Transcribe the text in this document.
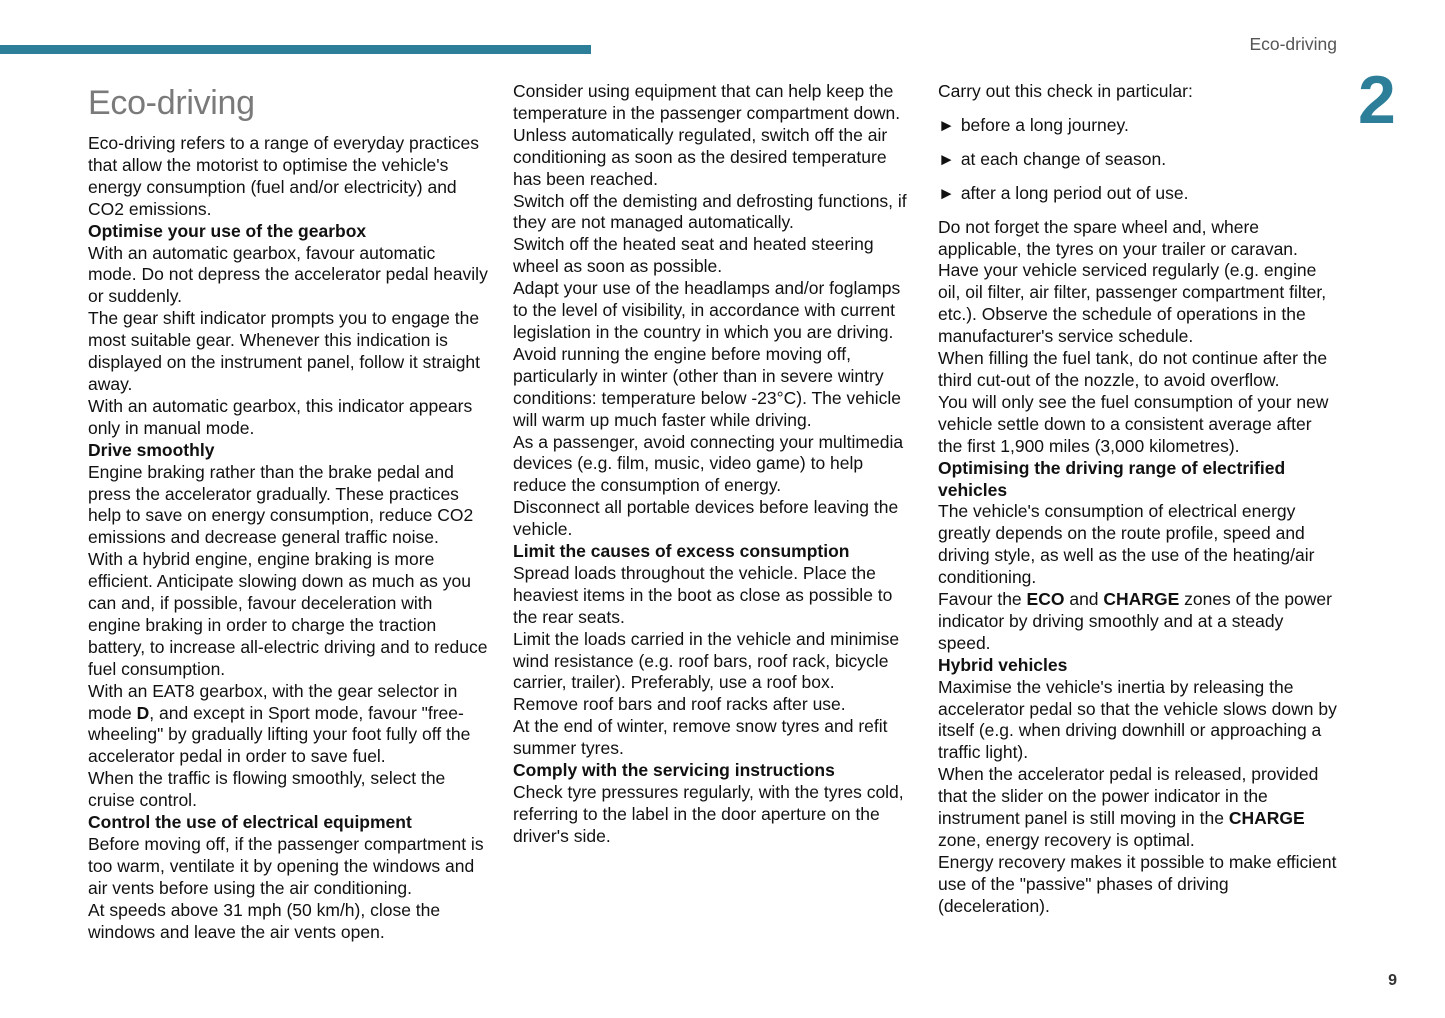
Eco-driving
2
Eco-driving

Eco-driving refers to a range of everyday practices that allow the motorist to optimise the vehicle's energy consumption (fuel and/or electricity) and CO2 emissions.

Optimise your use of the gearbox

With an automatic gearbox, favour automatic mode. Do not depress the accelerator pedal heavily or suddenly.

The gear shift indicator prompts you to engage the most suitable gear. Whenever this indication is displayed on the instrument panel, follow it straight away.

With an automatic gearbox, this indicator appears only in manual mode.

Drive smoothly

Engine braking rather than the brake pedal and press the accelerator gradually. These practices help to save on energy consumption, reduce CO2 emissions and decrease general traffic noise.

With a hybrid engine, engine braking is more efficient. Anticipate slowing down as much as you can and, if possible, favour deceleration with engine braking in order to charge the traction battery, to increase all-electric driving and to reduce fuel consumption.

With an EAT8 gearbox, with the gear selector in mode D, and except in Sport mode, favour "free-wheeling" by gradually lifting your foot fully off the accelerator pedal in order to save fuel.

When the traffic is flowing smoothly, select the cruise control.

Control the use of electrical equipment

Before moving off, if the passenger compartment is too warm, ventilate it by opening the windows and air vents before using the air conditioning.

At speeds above 31 mph (50 km/h), close the windows and leave the air vents open.

Consider using equipment that can help keep the temperature in the passenger compartment down.

Unless automatically regulated, switch off the air conditioning as soon as the desired temperature has been reached.

Switch off the demisting and defrosting functions, if they are not managed automatically.

Switch off the heated seat and heated steering wheel as soon as possible.

Adapt your use of the headlamps and/or foglamps to the level of visibility, in accordance with current legislation in the country in which you are driving.

Avoid running the engine before moving off, particularly in winter (other than in severe wintry conditions: temperature below -23°C). The vehicle will warm up much faster while driving.

As a passenger, avoid connecting your multimedia devices (e.g. film, music, video game) to help reduce the consumption of energy.

Disconnect all portable devices before leaving the vehicle.

Limit the causes of excess consumption

Spread loads throughout the vehicle. Place the heaviest items in the boot as close as possible to the rear seats.

Limit the loads carried in the vehicle and minimise wind resistance (e.g. roof bars, roof rack, bicycle carrier, trailer). Preferably, use a roof box.

Remove roof bars and roof racks after use.

At the end of winter, remove snow tyres and refit summer tyres.

Comply with the servicing instructions

Check tyre pressures regularly, with the tyres cold, referring to the label in the door aperture on the driver's side.

Carry out this check in particular:

► before a long journey.

► at each change of season.

► after a long period out of use.

Do not forget the spare wheel and, where applicable, the tyres on your trailer or caravan.

Have your vehicle serviced regularly (e.g. engine oil, oil filter, air filter, passenger compartment filter, etc.). Observe the schedule of operations in the manufacturer's service schedule.

When filling the fuel tank, do not continue after the third cut-out of the nozzle, to avoid overflow.

You will only see the fuel consumption of your new vehicle settle down to a consistent average after the first 1,900 miles (3,000 kilometres).

Optimising the driving range of electrified vehicles

The vehicle's consumption of electrical energy greatly depends on the route profile, speed and driving style, as well as the use of the heating/air conditioning.

Favour the ECO and CHARGE zones of the power indicator by driving smoothly and at a steady speed.

Hybrid vehicles

Maximise the vehicle's inertia by releasing the accelerator pedal so that the vehicle slows down by itself (e.g. when driving downhill or approaching a traffic light).

When the accelerator pedal is released, provided that the slider on the power indicator in the instrument panel is still moving in the CHARGE zone, energy recovery is optimal.

Energy recovery makes it possible to make efficient use of the "passive" phases of driving (deceleration).

9
